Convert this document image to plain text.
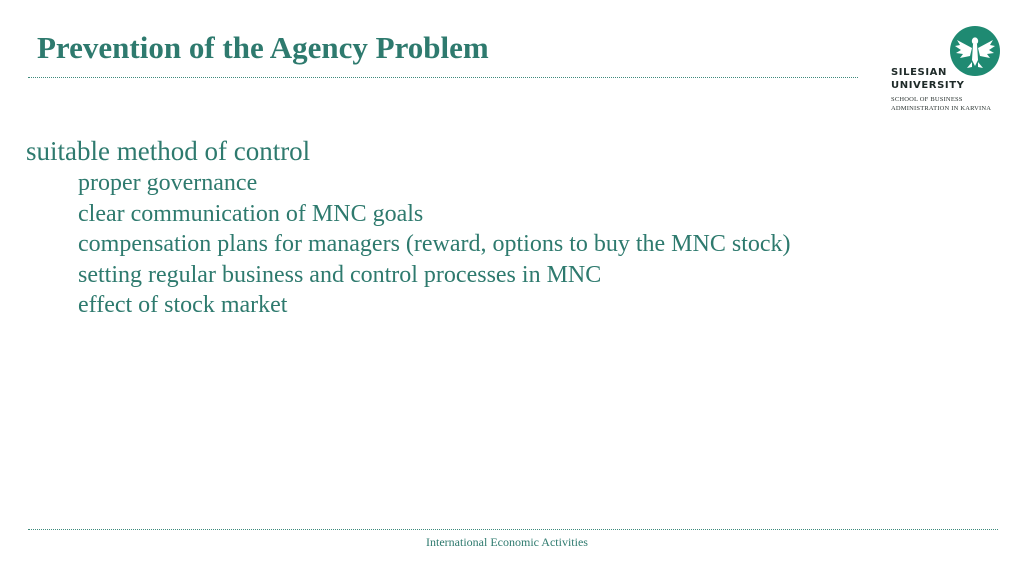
Prevention of the Agency Problem
SILESIAN
UNIVERSITY
SCHOOL OF BUSINESS
ADMINISTRATION IN KARVINA
suitable method of control
proper governance
clear communication of MNC goals
compensation plans for managers (reward, options to buy the MNC stock)
setting regular business and control processes in MNC
effect of stock market
International Economic Activities
